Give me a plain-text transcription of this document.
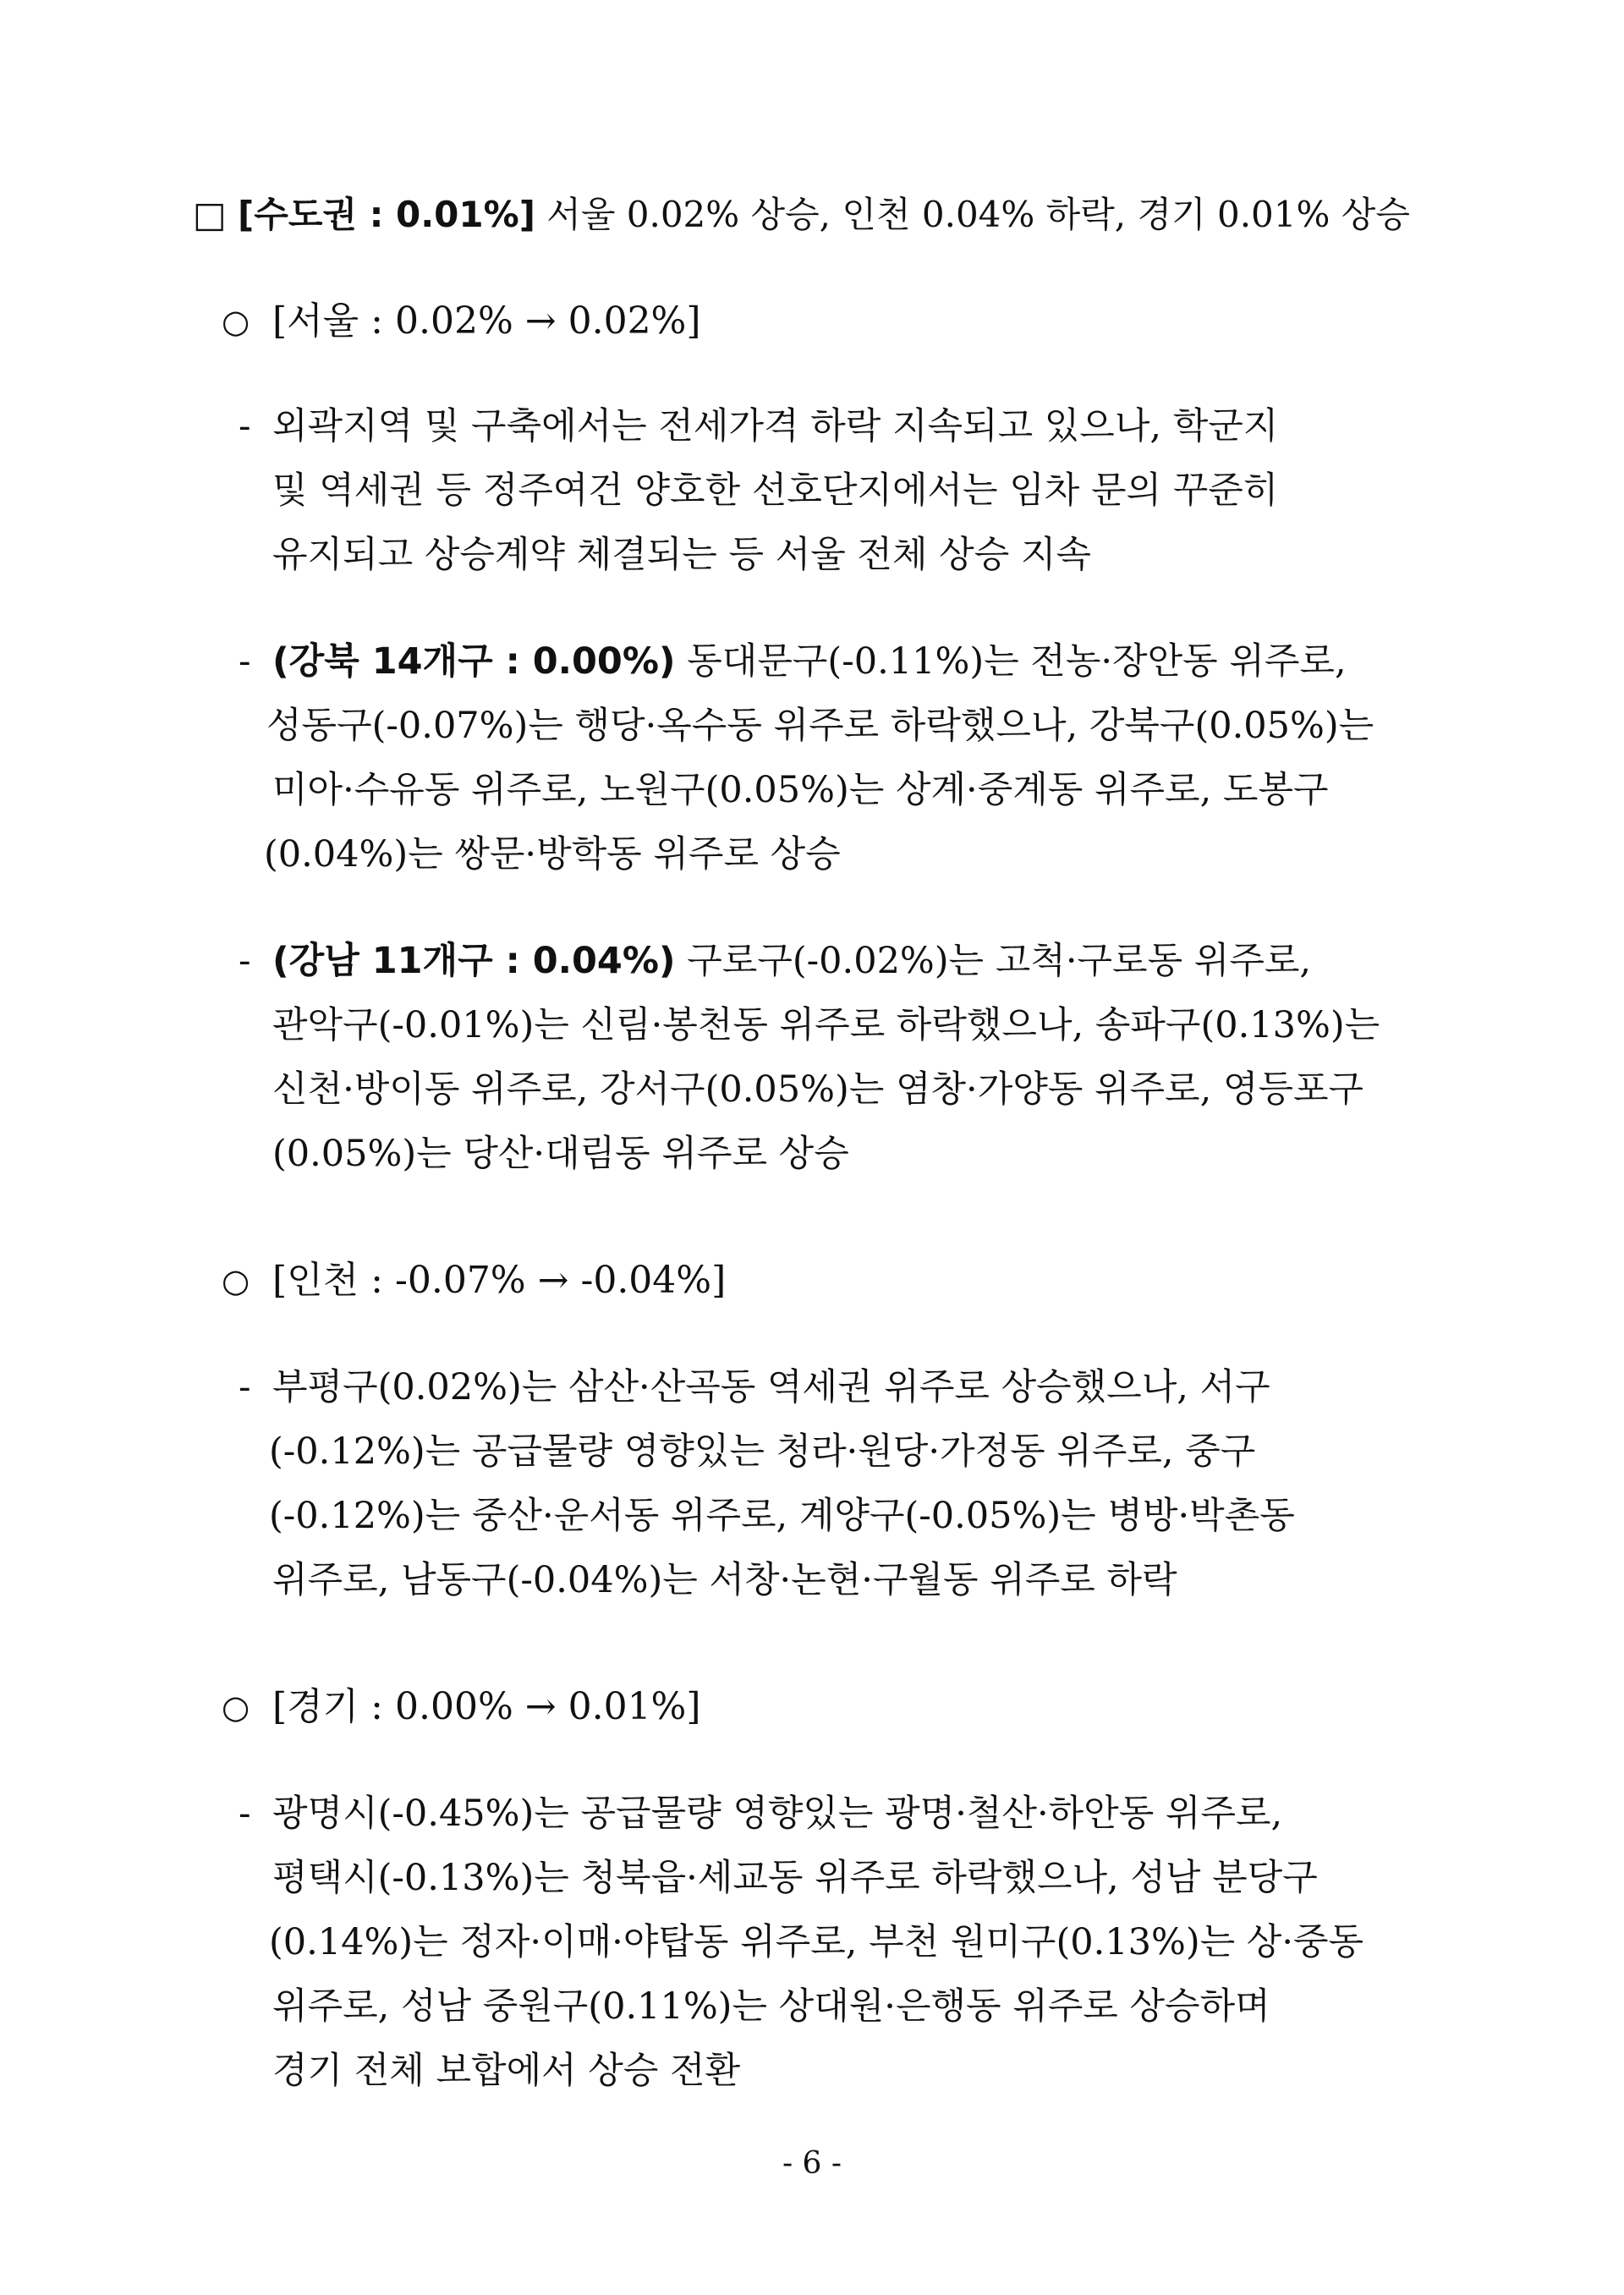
□ [수도권 : 0.01%] 서울 0.02% 상승, 인천 0.04% 하락, 경기 0.01% 상승
○ [서울 : 0.02% → 0.02%]
- 외곽지역 및 구축에서는 전세가격 하락 지속되고 있으나, 학군지
및 역세권 등 정주여건 양호한 선호단지에서는 임차 문의 꾸준히
유지되고 상승계약 체결되는 등 서울 전체 상승 지속
- (강북 14개구 : 0.00%) 동대문구(-0.11%)는 전농·장안동 위주로,
성동구(-0.07%)는 행당·옥수동 위주로 하락했으나, 강북구(0.05%)는
미아·수유동 위주로, 노원구(0.05%)는 상계·중계동 위주로, 도봉구
(0.04%)는 쌍문·방학동 위주로 상승
- (강남 11개구 : 0.04%) 구로구(-0.02%)는 고척·구로동 위주로,
관악구(-0.01%)는 신림·봉천동 위주로 하락했으나, 송파구(0.13%)는
신천·방이동 위주로, 강서구(0.05%)는 염창·가양동 위주로, 영등포구
(0.05%)는 당산·대림동 위주로 상승
○ [인천 : -0.07% → -0.04%]
- 부평구(0.02%)는 삼산·산곡동 역세권 위주로 상승했으나, 서구
(-0.12%)는 공급물량 영향있는 청라·원당·가정동 위주로, 중구
(-0.12%)는 중산·운서동 위주로, 계양구(-0.05%)는 병방·박촌동
위주로, 남동구(-0.04%)는 서창·논현·구월동 위주로 하락
○ [경기 : 0.00% → 0.01%]
- 광명시(-0.45%)는 공급물량 영향있는 광명·철산·하안동 위주로,
평택시(-0.13%)는 청북읍·세교동 위주로 하락했으나, 성남 분당구
(0.14%)는 정자·이매·야탑동 위주로, 부천 원미구(0.13%)는 상·중동
위주로, 성남 중원구(0.11%)는 상대원·은행동 위주로 상승하며
경기 전체 보합에서 상승 전환
- 6 -
